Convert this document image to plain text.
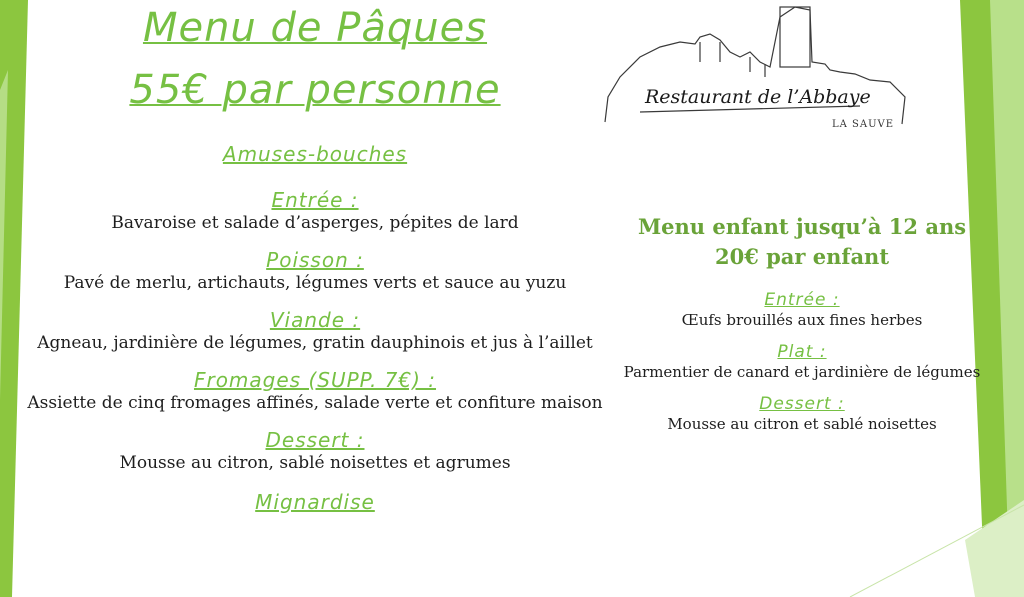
Menu de Pâques
55€ par personne
Amuses-bouches
Entrée :
Bavaroise et salade d’asperges, pépites de lard
Poisson :
Pavé de merlu, artichauts, légumes verts et sauce au yuzu
Viande :
Agneau, jardinière de légumes, gratin dauphinois et jus à l’aillet
Fromages (SUPP. 7€) :
Assiette de cinq fromages affinés, salade verte et confiture maison
Dessert :
Mousse au citron, sablé noisettes et agrumes
Mignardise
Restaurant de l’Abbaye
LA SAUVE
Menu enfant jusqu’à 12 ans
20€ par enfant
Entrée :
Œufs brouillés aux fines herbes
Plat :
Parmentier de canard et jardinière de légumes
Dessert :
Mousse au citron et sablé noisettes
